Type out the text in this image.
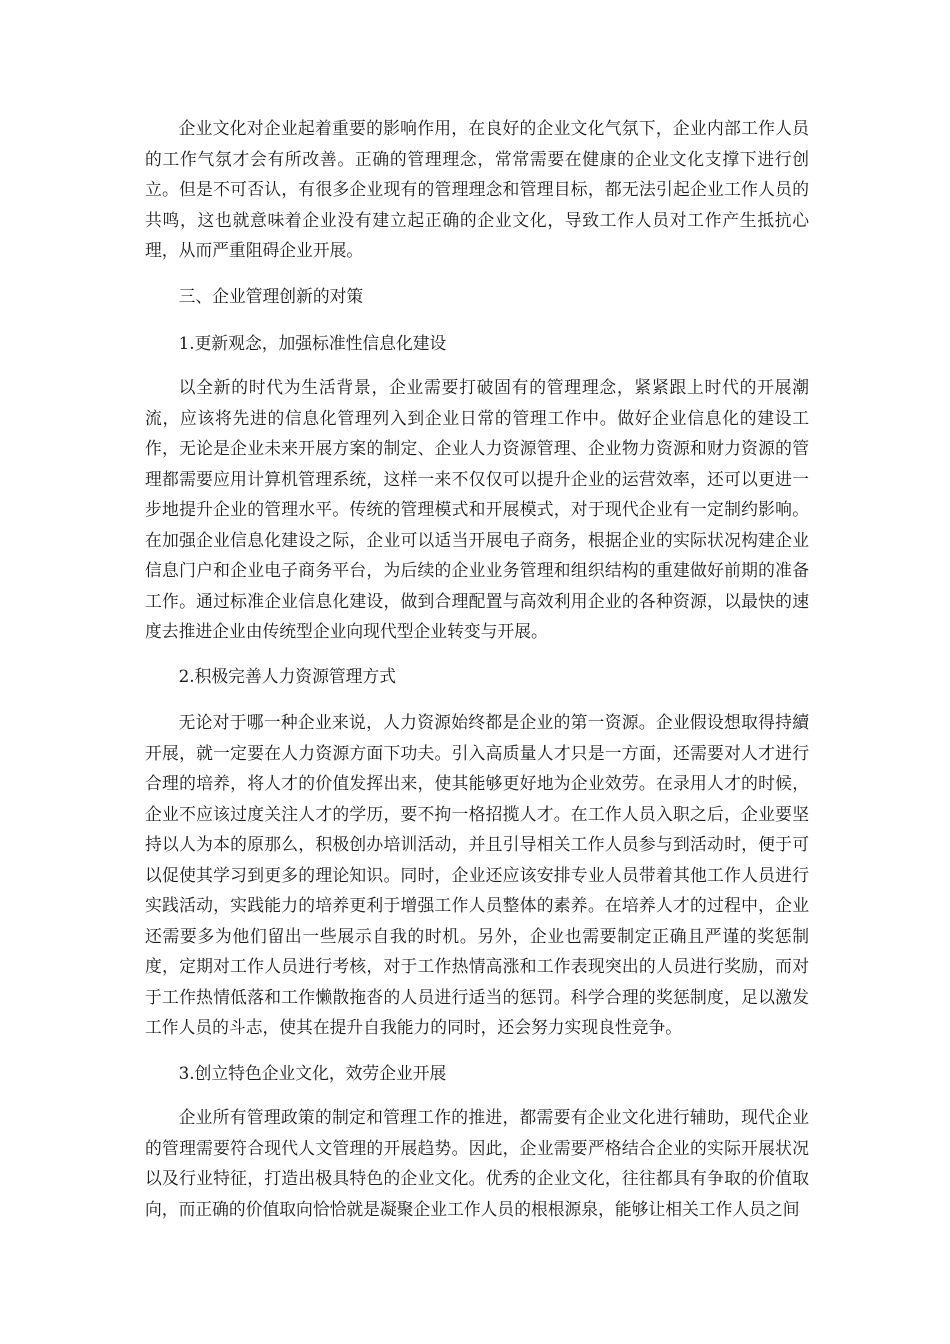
企业文化对企业起着重要的影响作用，在良好的企业文化气氛下，企业内部工作人员的工作气氛才会有所改善。正确的管理理念，常常需要在健康的企业文化支撑下进行创立。但是不可否认，有很多企业现有的管理理念和管理目标，都无法引起企业工作人员的共鸣，这也就意味着企业没有建立起正确的企业文化，导致工作人员对工作产生抵抗心理，从而严重阻碍企业开展。

三、企业管理创新的对策

1.更新观念，加强标准性信息化建设

以全新的时代为生活背景，企业需要打破固有的管理理念，紧紧跟上时代的开展潮流，应该将先进的信息化管理列入到企业日常的管理工作中。做好企业信息化的建设工作，无论是企业未来开展方案的制定、企业人力资源管理、企业物力资源和财力资源的管理都需要应用计算机管理系统，这样一来不仅仅可以提升企业的运营效率，还可以更进一步地提升企业的管理水平。传统的管理模式和开展模式，对于现代企业有一定制约影响。在加强企业信息化建设之际，企业可以适当开展电子商务，根据企业的实际状况构建企业信息门户和企业电子商务平台，为后续的企业业务管理和组织结构的重建做好前期的准备工作。通过标准企业信息化建设，做到合理配置与高效利用企业的各种资源，以最快的速度去推进企业由传统型企业向现代型企业转变与开展。

2.积极完善人力资源管理方式

无论对于哪一种企业来说，人力资源始终都是企业的第一资源。企业假设想取得持續开展，就一定要在人力资源方面下功夫。引入高质量人才只是一方面，还需要对人才进行合理的培养，将人才的价值发挥出来，使其能够更好地为企业效劳。在录用人才的时候，企业不应该过度关注人才的学历，要不拘一格招揽人才。在工作人员入职之后，企业要坚持以人为本的原那么，积极创办培训活动，并且引导相关工作人员参与到活动时，便于可以促使其学习到更多的理论知识。同时，企业还应该安排专业人员带着其他工作人员进行实践活动，实践能力的培养更利于增强工作人员整体的素养。在培养人才的过程中，企业还需要多为他们留出一些展示自我的时机。另外，企业也需要制定正确且严谨的奖惩制度，定期对工作人员进行考核，对于工作热情高涨和工作表现突出的人员进行奖励，而对于工作热情低落和工作懒散拖沓的人员进行适当的惩罚。科学合理的奖惩制度，足以激发工作人员的斗志，使其在提升自我能力的同时，还会努力实现良性竞争。

3.创立特色企业文化，效劳企业开展

企业所有管理政策的制定和管理工作的推进，都需要有企业文化进行辅助，现代企业的管理需要符合现代人文管理的开展趋势。因此，企业需要严格结合企业的实际开展状况以及行业特征，打造出极具特色的企业文化。优秀的企业文化，往往都具有争取的价值取向，而正确的价值取向恰恰就是凝聚企业工作人员的根根源泉，能够让相关工作人员之间
